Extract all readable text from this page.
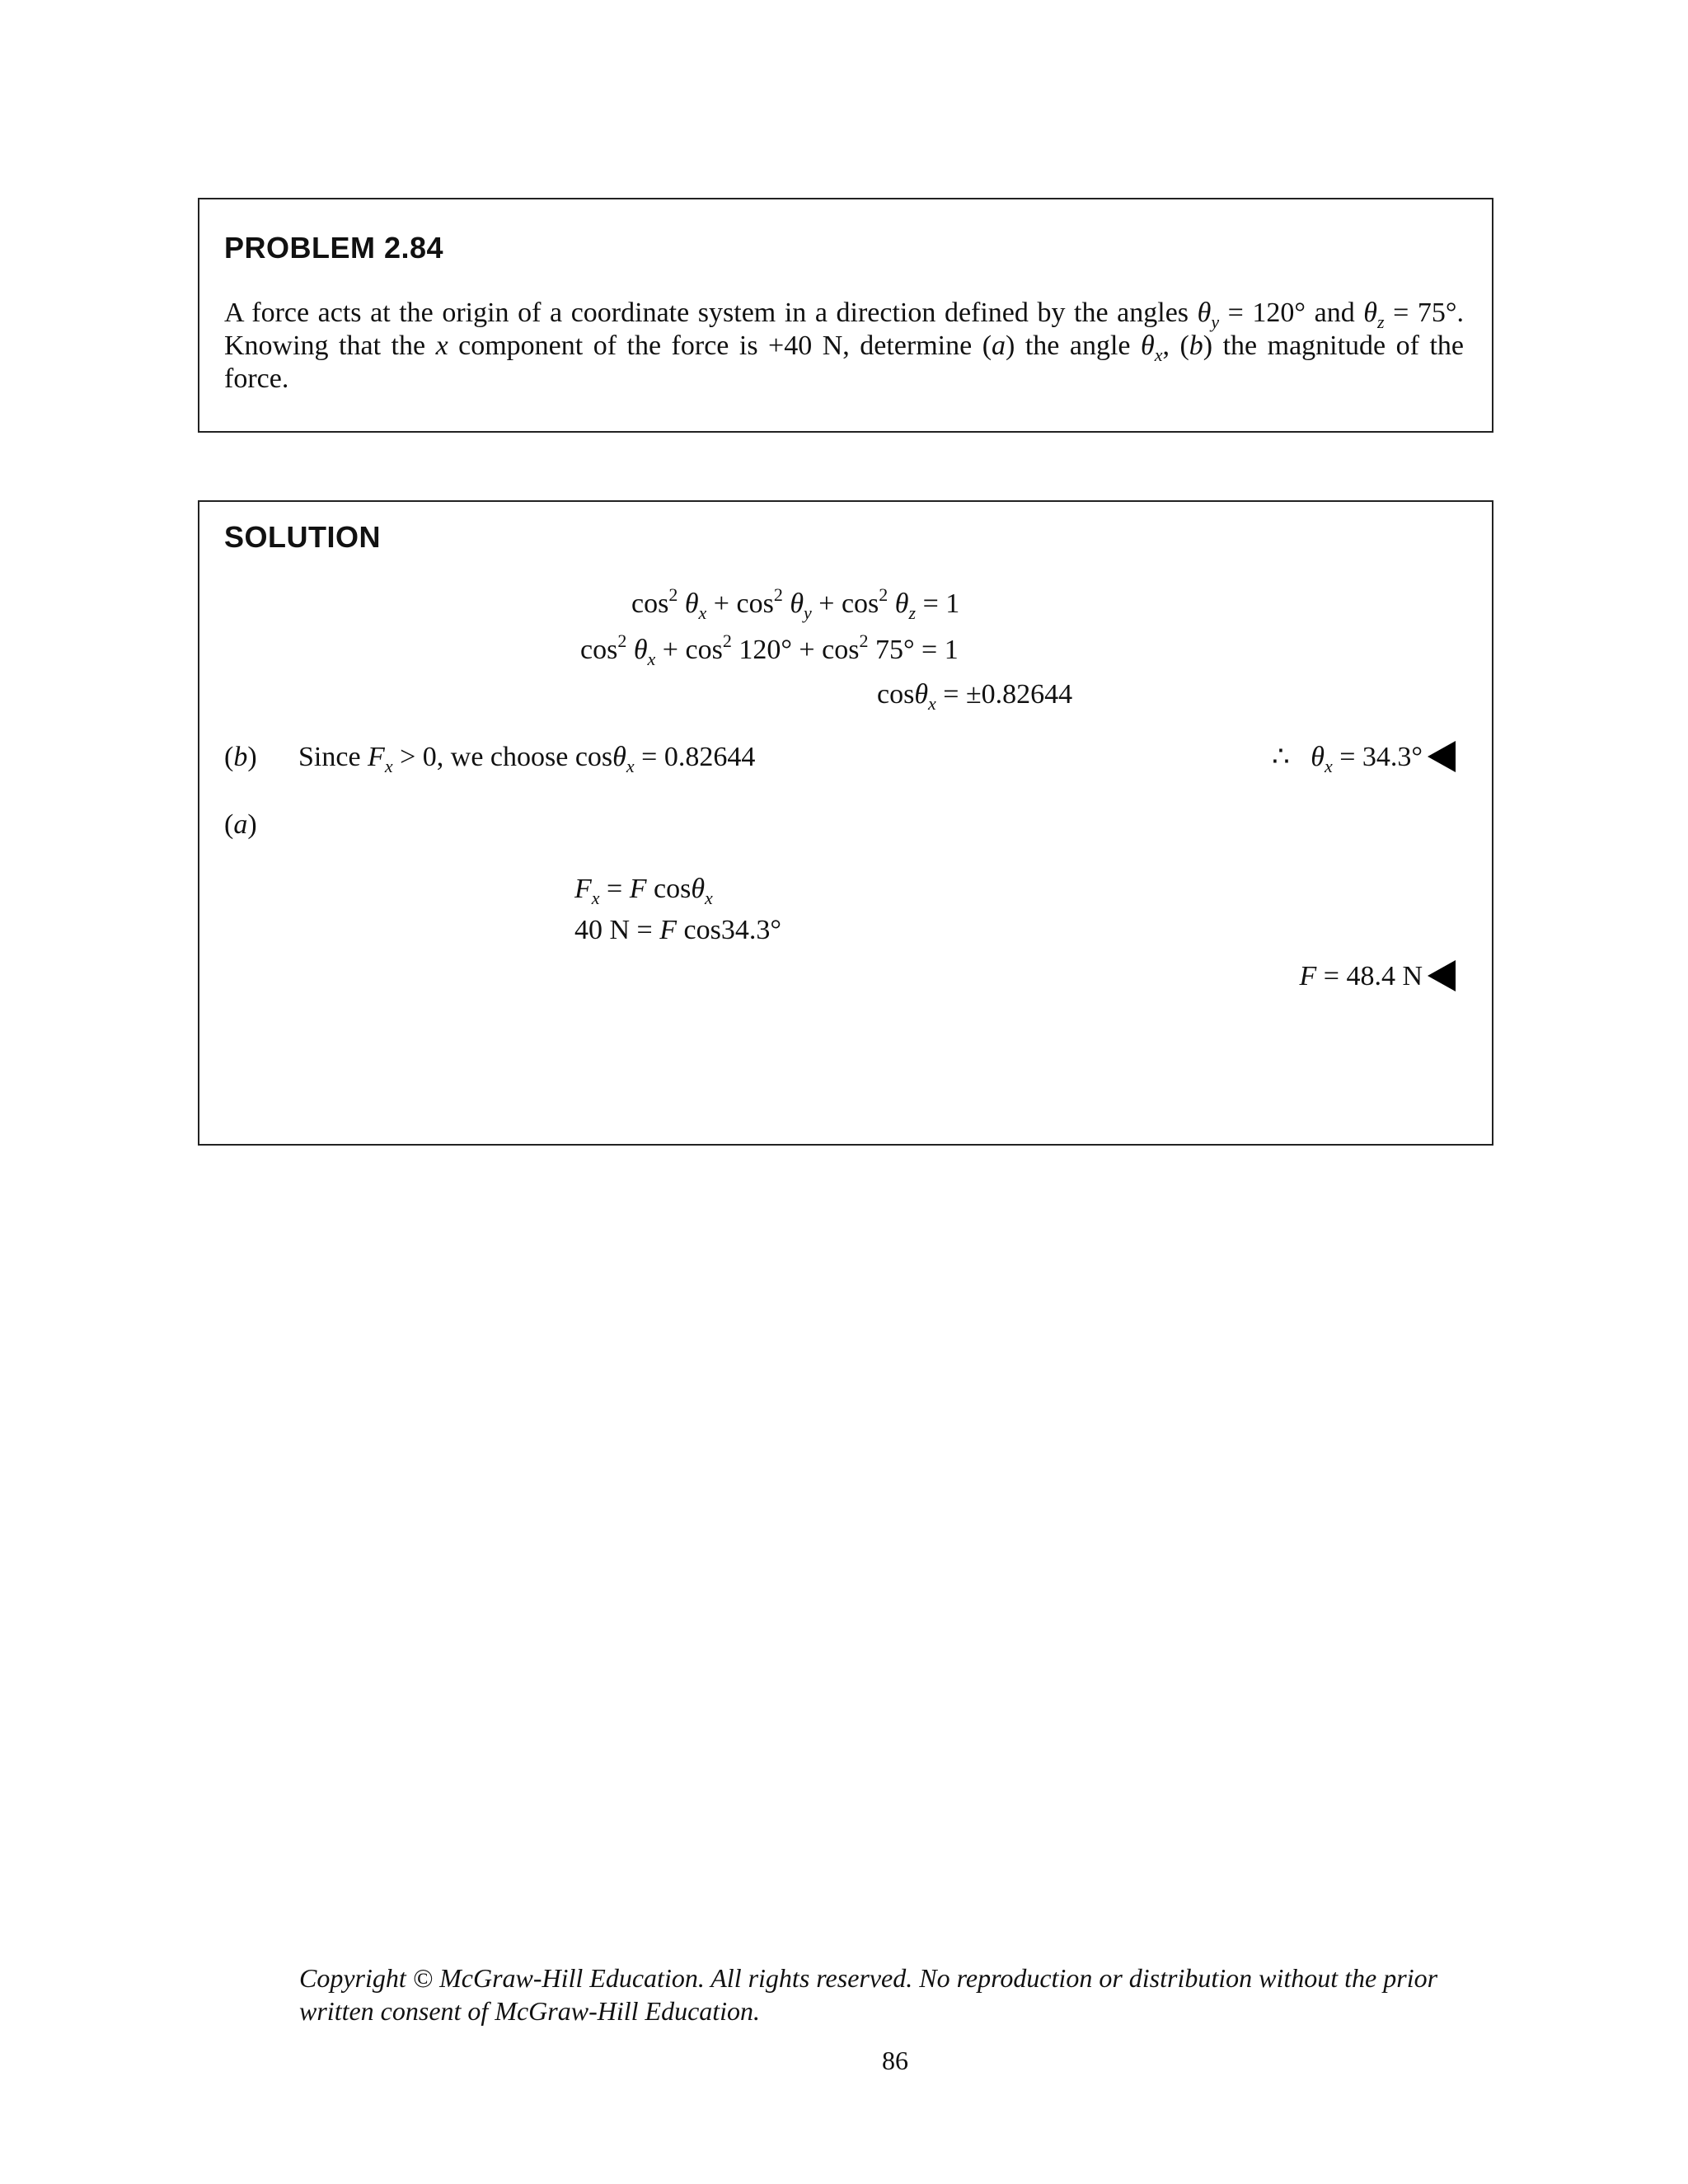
PROBLEM 2.84
A force acts at the origin of a coordinate system in a direction defined by the angles $\theta_y = 120^\circ$ and $\theta_z = 75^\circ$. Knowing that the x component of the force is +40 N, determine (a) the angle $\theta_x$, (b) the magnitude of the force.
SOLUTION
$\cos^2 \theta_x + \cos^2 \theta_y + \cos^2 \theta_z = 1$
$\cos^2 \theta_x + \cos^2 120^\circ + \cos^2 75^\circ = 1$
cosθ$_x$ = ±0.82644
(b) Since $F_x > 0$, we choose cosθ$_x$ = 0.82644	∴ $\theta_x = 34.3^\circ$
(a)
$F_x = F$ cosθ$_x$
40 N = F cos34.3°
F = 48.4 N
Copyright © McGraw-Hill Education. All rights reserved. No reproduction or distribution without the prior written consent of McGraw-Hill Education.
86
